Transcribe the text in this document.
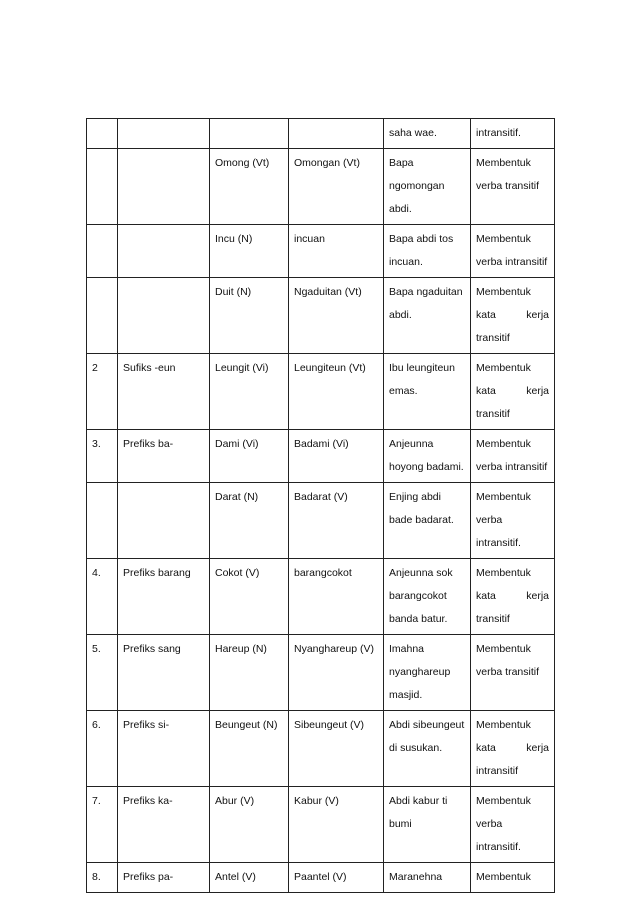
				saha wae.	intransitif.

		Omong (Vt)	Omongan (Vt)	Bapa ngomongan abdi.	Membentuk verba transitif

		Incu (N)	incuan	Bapa abdi tos incuan.	Membentuk verba intransitif

		Duit (N)	Ngaduitan (Vt)	Bapa ngaduitan abdi.	Membentuk kata kerja transitif

2	Sufiks -eun	Leungit (Vi)	Leungiteun (Vt)	Ibu leungiteun emas.	Membentuk kata kerja transitif

3.	Prefiks ba-	Dami (Vi)	Badami (Vi)	Anjeunna hoyong badami.	Membentuk verba intransitif

		Darat (N)	Badarat (V)	Enjing abdi bade badarat.	Membentuk verba intransitif.

4.	Prefiks barang	Cokot (V)	barangcokot	Anjeunna sok barangcokot banda batur.	Membentuk kata kerja transitif

5.	Prefiks sang	Hareup (N)	Nyanghareup (V)	Imahna nyanghareup masjid.	Membentuk verba transitif

6.	Prefiks si-	Beungeut (N)	Sibeungeut (V)	Abdi sibeungeut di susukan.	Membentuk kata kerja intransitif

7.	Prefiks ka-	Abur (V)	Kabur (V)	Abdi kabur ti bumi	Membentuk verba intransitif.

8.	Prefiks pa-	Antel (V)	Paantel (V)	Maranehna	Membentuk
